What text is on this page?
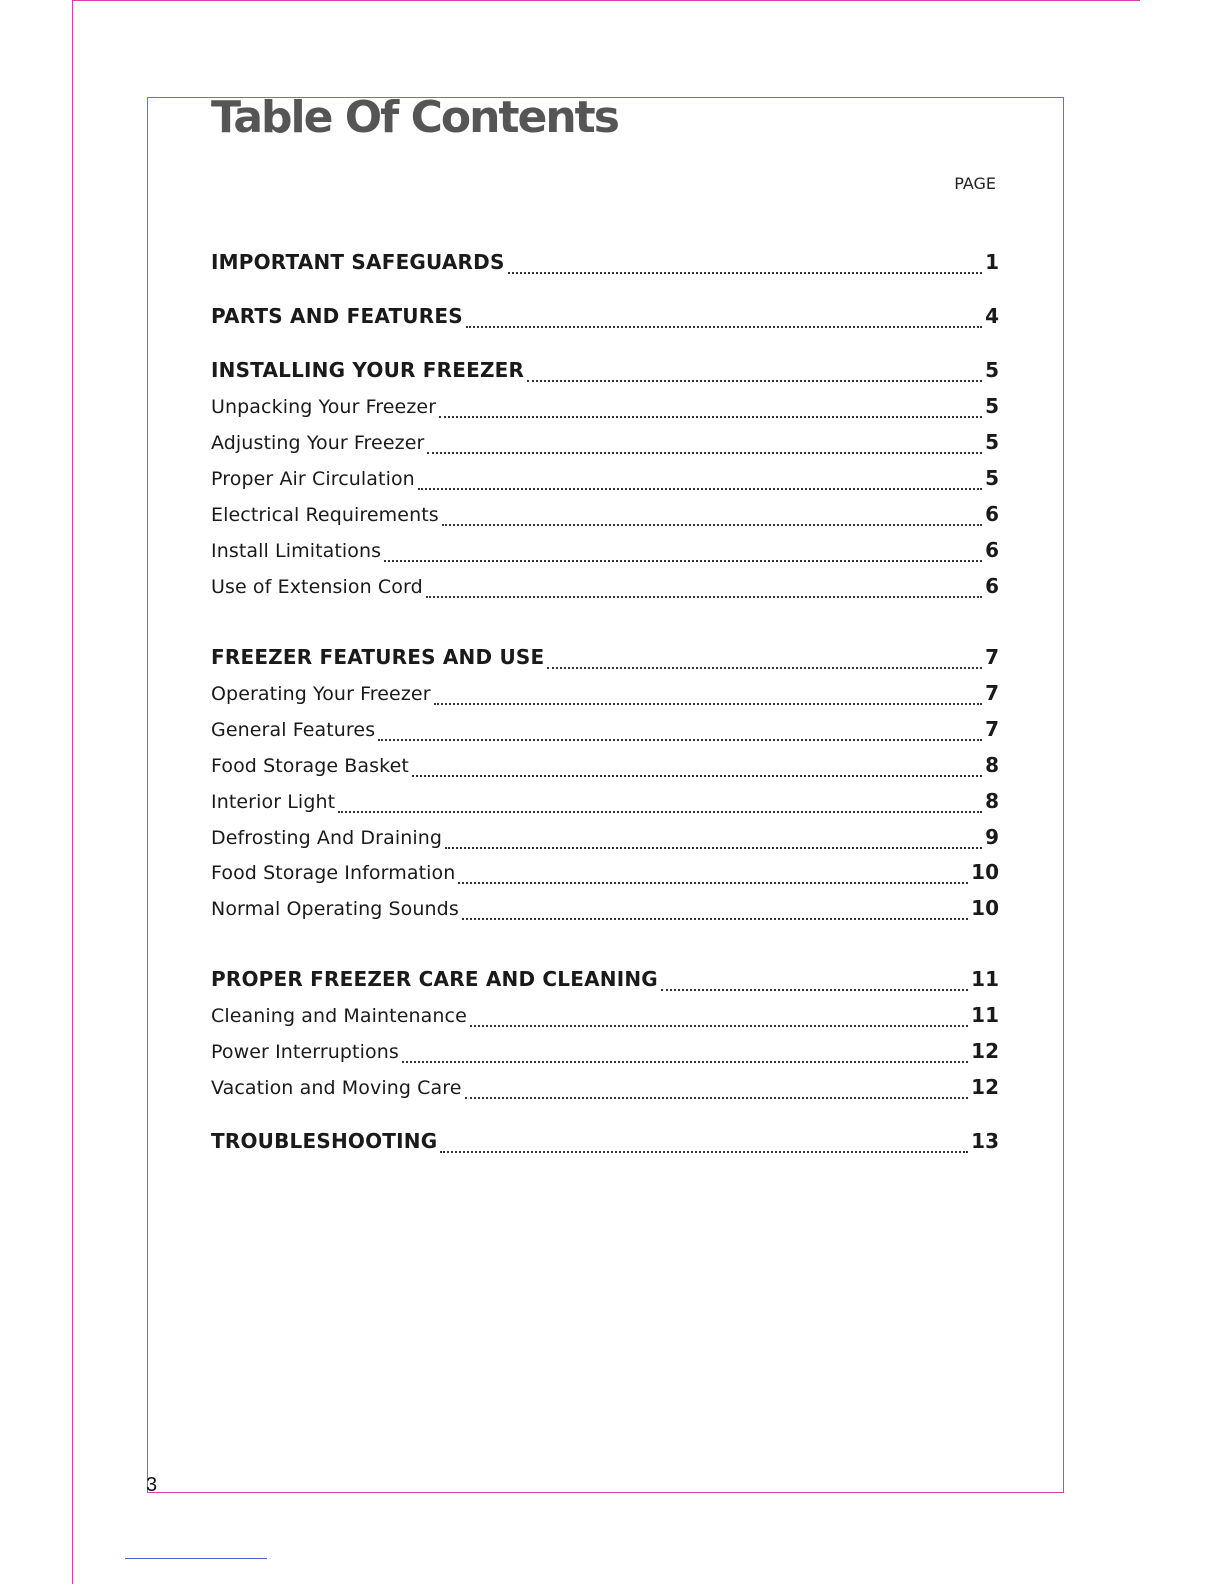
Table Of Contents
PAGE
IMPORTANT SAFEGUARDS	1
PARTS AND FEATURES	4
INSTALLING YOUR FREEZER	5
Unpacking Your Freezer	5
Adjusting Your Freezer	5
Proper Air Circulation	5
Electrical Requirements	6
Install Limitations	6
Use of Extension Cord	6
FREEZER FEATURES AND USE	7
Operating Your Freezer	7
General Features	7
Food Storage Basket	8
Interior Light	8
Defrosting And Draining	9
Food Storage Information	10
Normal Operating Sounds	10
PROPER FREEZER CARE AND CLEANING	11
Cleaning and Maintenance	11
Power Interruptions	12
Vacation and Moving Care	12
TROUBLESHOOTING	13
3
